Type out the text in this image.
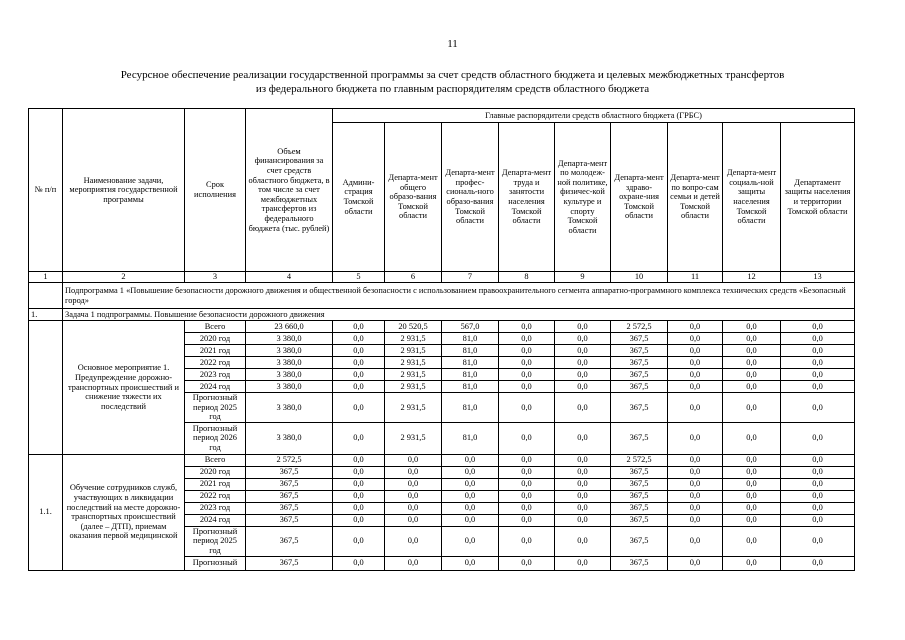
11
Ресурсное обеспечение реализации государственной программы за счет средств областного бюджета и целевых межбюджетных трансфертов
из федерального бюджета по главным распорядителям средств областного бюджета
№ п/п	Наименование задачи, мероприятия государственной программы	Срок исполнения	Объем финансирования за счет средств областного бюджета, в том числе за счет межбюджетных трансфертов из федерального бюджета (тыс. рублей)	Главные распорядители средств областного бюджета (ГРБС)								
				Админи-страция Томской области	Департа-мент общего образо-вания Томской области	Департа-мент профес-сиональ-ного образо-вания Томской области	Департа-мент труда и занятости населения Томской области	Департа-мент по молодеж-ной политике, физичес-кой культуре и спорту Томской области	Департа-мент здраво-охране-ния Томской области	Департа-мент по вопро-сам семьи и детей Томской области	Департа-мент социаль-ной защиты населения Томской области	Департамент защиты населения и территории Томской области
1	2	3	4	5	6	7	8	9	10	11	12	13
	Подпрограмма 1 «Повышение безопасности дорожного движения и общественной безопасности с использованием правоохранительного сегмента аппаратно-программного комплекса технических средств «Безопасный город»											
1.	Задача 1 подпрограммы. Повышение безопасности дорожного движения											
	Основное мероприятие 1. Предупреждение дорожно-транспортных происшествий и снижение тяжести их последствий	Всего	23 660,0	0,0	20 520,5	567,0	0,0	0,0	2 572,5	0,0	0,0	0,0
		2020 год	3 380,0	0,0	2 931,5	81,0	0,0	0,0	367,5	0,0	0,0	0,0
		2021 год	3 380,0	0,0	2 931,5	81,0	0,0	0,0	367,5	0,0	0,0	0,0
		2022 год	3 380,0	0,0	2 931,5	81,0	0,0	0,0	367,5	0,0	0,0	0,0
		2023 год	3 380,0	0,0	2 931,5	81,0	0,0	0,0	367,5	0,0	0,0	0,0
		2024 год	3 380,0	0,0	2 931,5	81,0	0,0	0,0	367,5	0,0	0,0	0,0
		Прогнозный период 2025 год	3 380,0	0,0	2 931,5	81,0	0,0	0,0	367,5	0,0	0,0	0,0
		Прогнозный период 2026 год	3 380,0	0,0	2 931,5	81,0	0,0	0,0	367,5	0,0	0,0	0,0
1.1.	Обучение сотрудников служб, участвующих в ликвидации последствий на месте дорожно-транспортных происшествий (далее – ДТП), приемам оказания первой медицинской	Всего	2 572,5	0,0	0,0	0,0	0,0	0,0	2 572,5	0,0	0,0	0,0
		2020 год	367,5	0,0	0,0	0,0	0,0	0,0	367,5	0,0	0,0	0,0
		2021 год	367,5	0,0	0,0	0,0	0,0	0,0	367,5	0,0	0,0	0,0
		2022 год	367,5	0,0	0,0	0,0	0,0	0,0	367,5	0,0	0,0	0,0
		2023 год	367,5	0,0	0,0	0,0	0,0	0,0	367,5	0,0	0,0	0,0
		2024 год	367,5	0,0	0,0	0,0	0,0	0,0	367,5	0,0	0,0	0,0
		Прогнозный период 2025 год	367,5	0,0	0,0	0,0	0,0	0,0	367,5	0,0	0,0	0,0
		Прогнозный	367,5	0,0	0,0	0,0	0,0	0,0	367,5	0,0	0,0	0,0
